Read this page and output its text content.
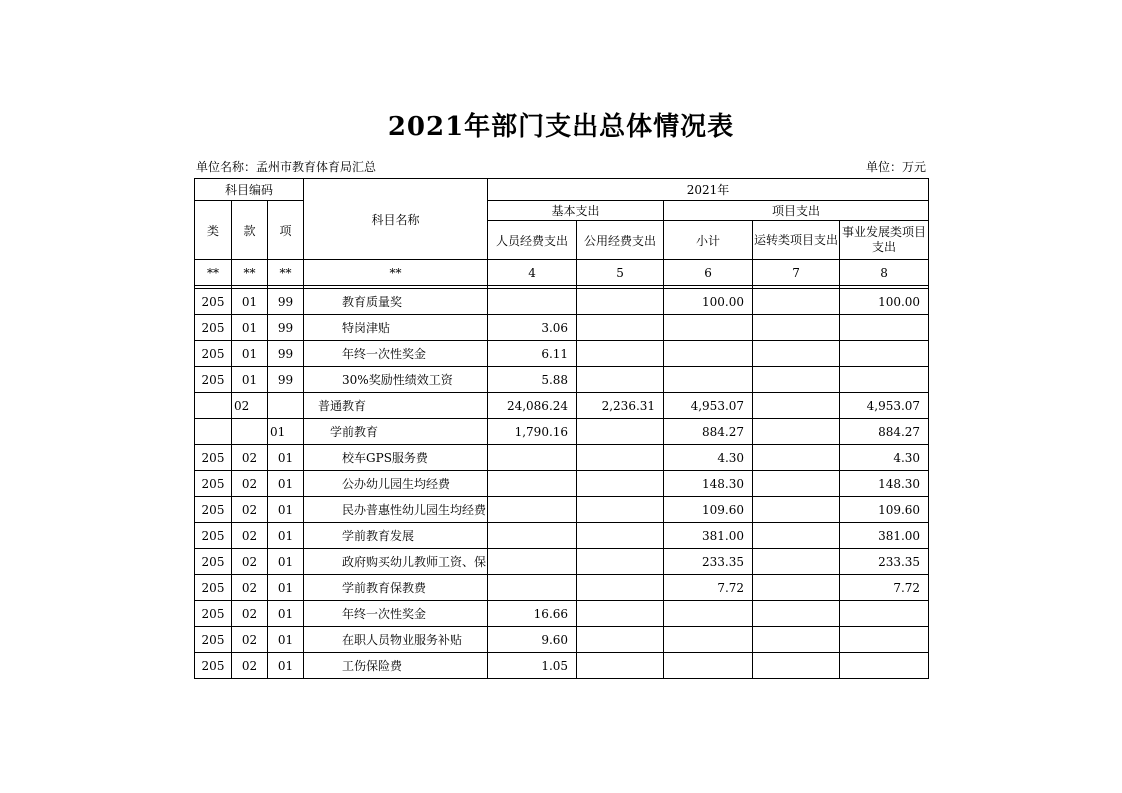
2021年部门支出总体情况表
单位名称：孟州市教育体育局汇总	单位：万元
科目编码			科目名称	2021年				
类	款	项		基本支出		项目支出		
				人员经费支出	公用经费支出	小计	运转类项目支出	事业发展类项目支出
**	**	**	**	4	5	6	7	8

205	01	99	教育质量奖			100.00		100.00
205	01	99	特岗津贴	3.06				
205	01	99	年终一次性奖金	6.11				
205	01	99	30%奖励性绩效工资	5.88				
	02		普通教育	24,086.24	2,236.31	4,953.07		4,953.07
		01	学前教育	1,790.16		884.27		884.27
205	02	01	校车GPS服务费			4.30		4.30
205	02	01	公办幼儿园生均经费			148.30		148.30
205	02	01	民办普惠性幼儿园生均经费			109.60		109.60
205	02	01	学前教育发展			381.00		381.00
205	02	01	政府购买幼儿教师工资、保			233.35		233.35
205	02	01	学前教育保教费			7.72		7.72
205	02	01	年终一次性奖金	16.66				
205	02	01	在职人员物业服务补贴	9.60				
205	02	01	工伤保险费	1.05				
